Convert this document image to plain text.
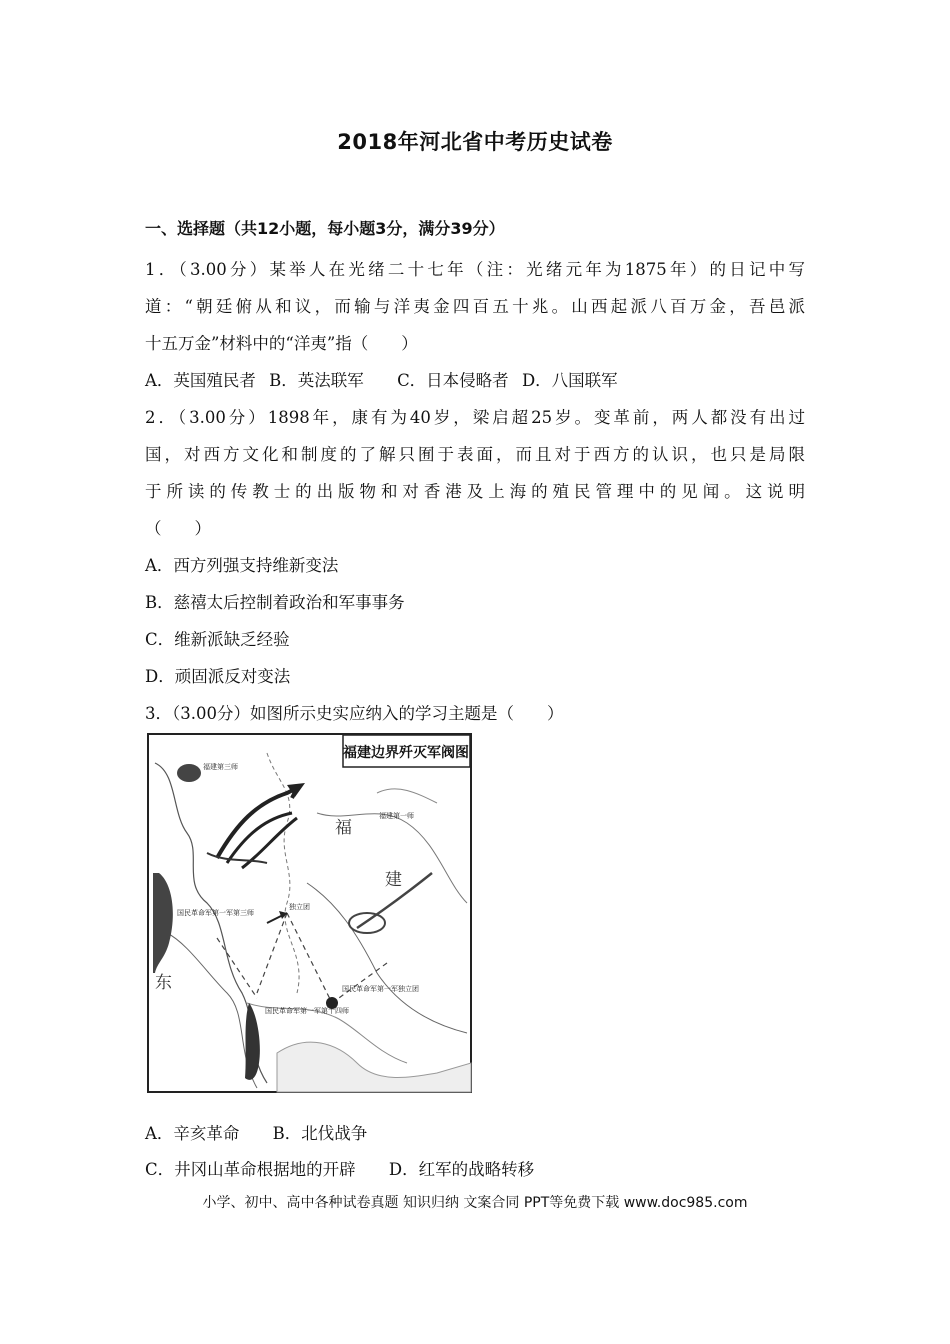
2018年河北省中考历史试卷
一、选择题（共12小题，每小题3分，满分39分）
1．（3.00分）某举人在光绪二十七年（注：光绪元年为1875年）的日记中写
道：“朝廷俯从和议，而输与洋夷金四百五十兆。山西起派八百万金，吾邑派
十五万金”材料中的“洋夷”指（　　）
A．英国殖民者 B．英法联军 C．日本侵略者 D．八国联军
2．（3.00分）1898年，康有为40岁，梁启超25岁。变革前，两人都没有出过
国，对西方文化和制度的了解只囿于表面，而且对于西方的认识，也只是局限
于所读的传教士的出版物和对香港及上海的殖民管理中的见闻。这说明
（　　）
A．西方列强支持维新变法
B．慈禧太后控制着政治和军事事务
C．维新派缺乏经验
D．顽固派反对变法
3．（3.00分）如图所示史实应纳入的学习主题是（　　）
福建边界歼灭军阀图
福
建
东
福建第三师
福建第一师
国民革命军第一军第三师
独立团
国民革命军第一军独立团
国民革命军第一军第十四师
A．辛亥革命 B．北伐战争
C．井冈山革命根据地的开辟 D．红军的战略转移
小学、初中、高中各种试卷真题 知识归纳 文案合同 PPT等免费下载 www.doc985.com
